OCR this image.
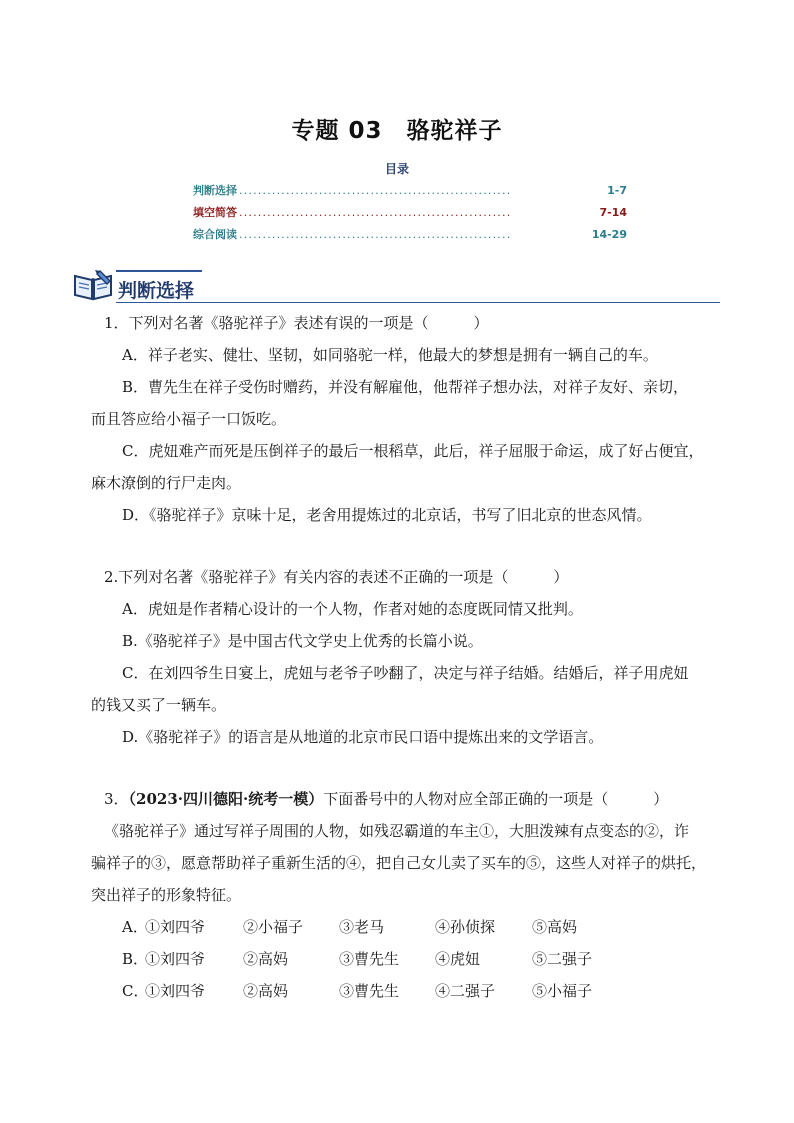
专题 03　骆驼祥子
目录
判断选择 ..........................................................	1-7
填空简答 ..........................................................	7-14
综合阅读 ..........................................................	14-29
判断选择
1．下列对名著《骆驼祥子》表述有误的一项是（　　　）
A．祥子老实、健壮、坚韧，如同骆驼一样，他最大的梦想是拥有一辆自己的车。
B．曹先生在祥子受伤时赠药，并没有解雇他，他帮祥子想办法，对祥子友好、亲切，
而且答应给小福子一口饭吃。
C．虎妞难产而死是压倒祥子的最后一根稻草，此后，祥子屈服于命运，成了好占便宜，
麻木潦倒的行尸走肉。
D．《骆驼祥子》京味十足，老舍用提炼过的北京话，书写了旧北京的世态风情。
2.下列对名著《骆驼祥子》有关内容的表述不正确的一项是（　　　）
A．虎妞是作者精心设计的一个人物，作者对她的态度既同情又批判。
B.《骆驼祥子》是中国古代文学史上优秀的长篇小说。
C．在刘四爷生日宴上，虎妞与老爷子吵翻了，决定与祥子结婚。结婚后，祥子用虎妞
的钱又买了一辆车。
D.《骆驼祥子》的语言是从地道的北京市民口语中提炼出来的文学语言。
3．（2023·四川德阳·统考一模）下面番号中的人物对应全部正确的一项是（　　　）
《骆驼祥子》通过写祥子周围的人物，如残忍霸道的车主①，大胆泼辣有点变态的②，诈
骗祥子的③，愿意帮助祥子重新生活的④，把自己女儿卖了买车的⑤，这些人对祥子的烘托，
突出祥子的形象特征。
A．
①刘四爷	②小福子 ③老马	④孙侦探 ⑤高妈
B．
①刘四爷	②高妈	③曹先生 ④虎妞	⑤二强子
C．
①刘四爷	②高妈	③曹先生 ④二强子 ⑤小福子
